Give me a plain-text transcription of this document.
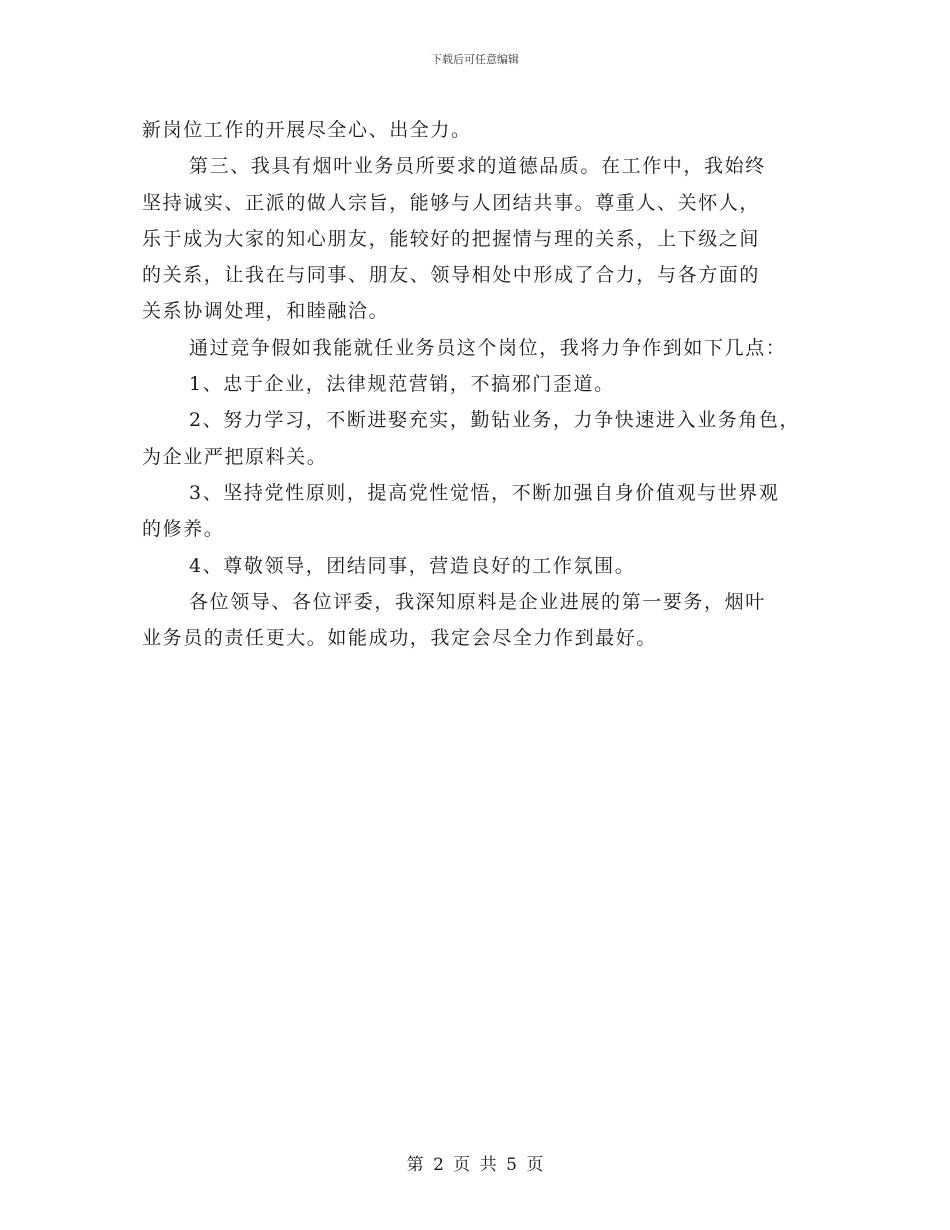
下载后可任意编辑

新岗位工作的开展尽全心、出全力。

第三、我具有烟叶业务员所要求的道德品质。在工作中，我始终

坚持诚实、正派的做人宗旨，能够与人团结共事。尊重人、关怀人，

乐于成为大家的知心朋友，能较好的把握情与理的关系，上下级之间

的关系，让我在与同事、朋友、领导相处中形成了合力，与各方面的

关系协调处理，和睦融洽。

通过竞争假如我能就任业务员这个岗位，我将力争作到如下几点：

1、忠于企业，法律规范营销，不搞邪门歪道。

2、努力学习，不断进娶充实，勤钻业务，力争快速进入业务角色，

为企业严把原料关。

3、坚持党性原则，提高党性觉悟，不断加强自身价值观与世界观

的修养。

4、尊敬领导，团结同事，营造良好的工作氛围。

各位领导、各位评委，我深知原料是企业进展的第一要务，烟叶

业务员的责任更大。如能成功，我定会尽全力作到最好。

第 2 页 共 5 页
